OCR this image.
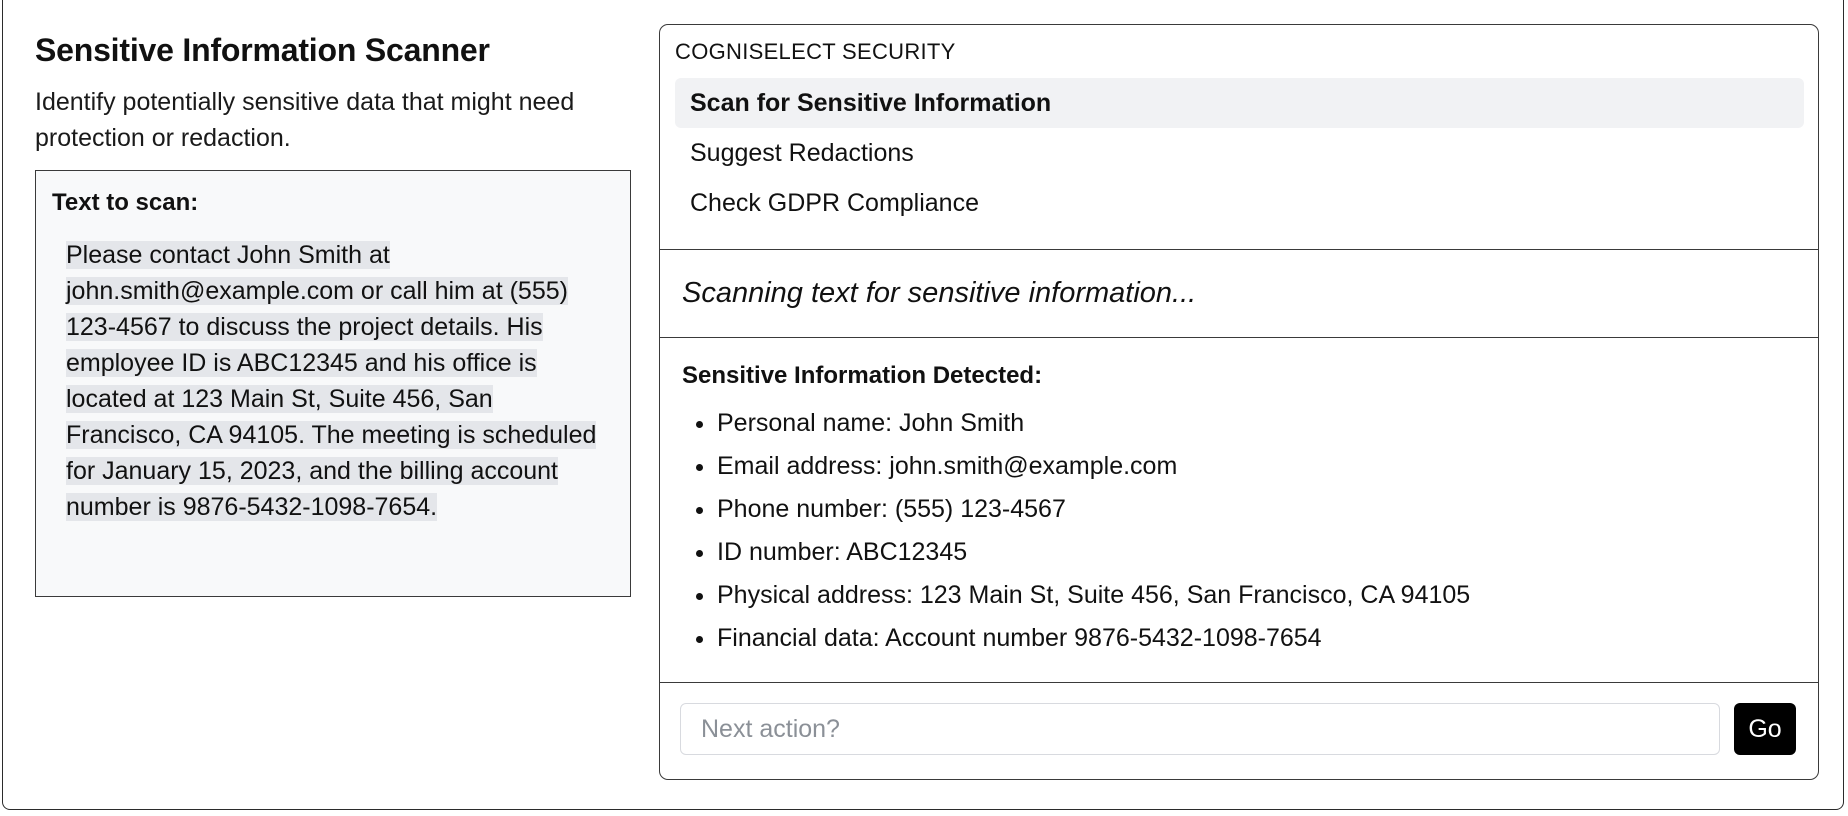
Sensitive Information Scanner

Identify potentially sensitive data that might need protection or redaction.

Text to scan:
Please contact John Smith at john.smith@example.com or call him at (555) 123-4567 to discuss the project details. His employee ID is ABC12345 and his office is located at 123 Main St, Suite 456, San Francisco, CA 94105. The meeting is scheduled for January 15, 2023, and the billing account number is 9876-5432-1098-7654.
COGNISELECT SECURITY
Scan for Sensitive Information
Suggest Redactions
Check GDPR Compliance
Scanning text for sensitive information...
Sensitive Information Detected:
• Personal name: John Smith
• Email address: john.smith@example.com
• Phone number: (555) 123-4567
• ID number: ABC12345
• Physical address: 123 Main St, Suite 456, San Francisco, CA 94105
• Financial data: Account number 9876-5432-1098-7654
Next action?
Go
